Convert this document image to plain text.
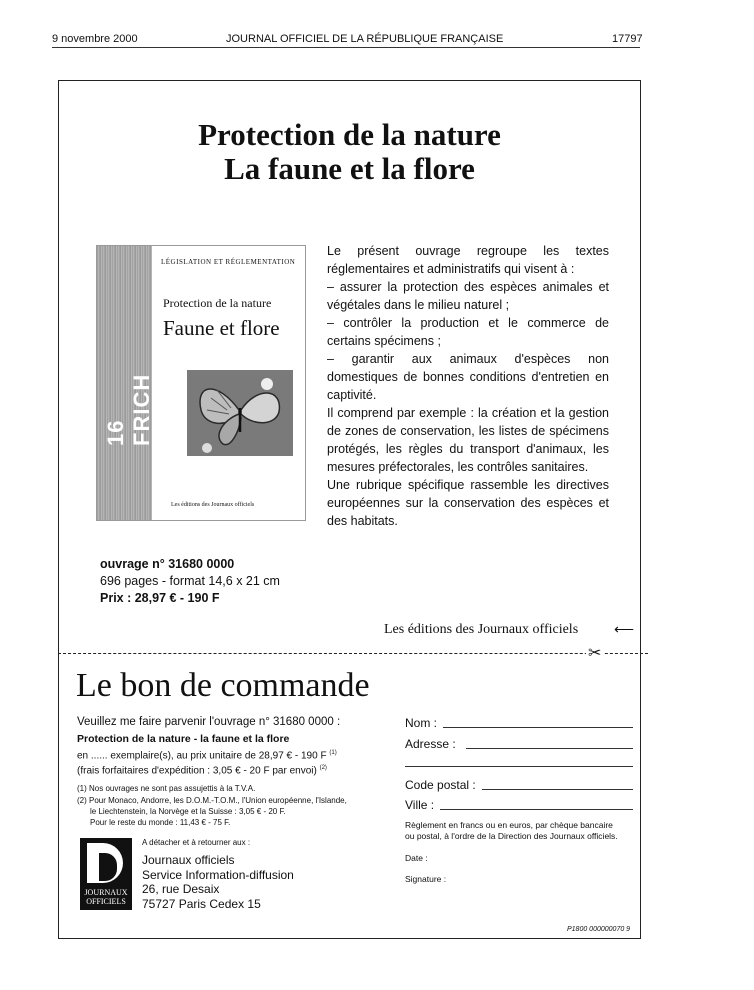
9 novembre 2000	JOURNAL OFFICIEL DE LA RÉPUBLIQUE FRANÇAISE	17797
Protection de la nature
La faune et la flore
16 FRICH
LÉGISLATION ET RÉGLEMENTATION
Protection de la nature
Faune et flore
Les éditions des Journaux officiels

Le présent ouvrage regroupe les textes réglementaires et administratifs qui visent à :

– assurer la protection des espèces animales et végétales dans le milieu naturel ;

– contrôler la production et le commerce de certains spécimens ;

– garantir aux animaux d'espèces non domestiques de bonnes conditions d'entretien en captivité.

Il comprend par exemple : la création et la gestion de zones de conservation, les listes de spécimens protégés, les règles du transport d'animaux, les mesures préfectorales, les contrôles sanitaires.

Une rubrique spécifique rassemble les directives européennes sur la conservation des espèces et des habitats.

ouvrage n° 31680 0000
696 pages - format 14,6 x 21 cm
Prix : 28,97 € - 190 F
Les éditions des Journaux officiels	⟵
✂
Le bon de commande
Veuillez me faire parvenir l'ouvrage n° 31680 0000 :
Protection de la nature - la faune et la flore
en ...... exemplaire(s), au prix unitaire de 28,97 € - 190 F $^{(1)}$
(frais forfaitaires d'expédition : 3,05 € - 20 F par envoi) $^{(2)}$
(1) Nos ouvrages ne sont pas assujettis à la T.V.A.
(2) Pour Monaco, Andorre, les D.O.M.-T.O.M., l'Union européenne, l'Islande,
le Liechtenstein, la Norvège et la Suisse : 3,05 € - 20 F.
Pour le reste du monde : 11,43 € - 75 F.
A détacher et à retourner aux :
Journaux officiels
Service Information-diffusion
26, rue Desaix
75727 Paris Cedex 15
JOURNAUX
OFFICIELS
Nom :
Adresse :
Code postal :
Ville :
Règlement en francs ou en euros, par chèque bancaire
ou postal, à l'ordre de la Direction des Journaux officiels.
Date :
Signature :
P1800 000000070 9
